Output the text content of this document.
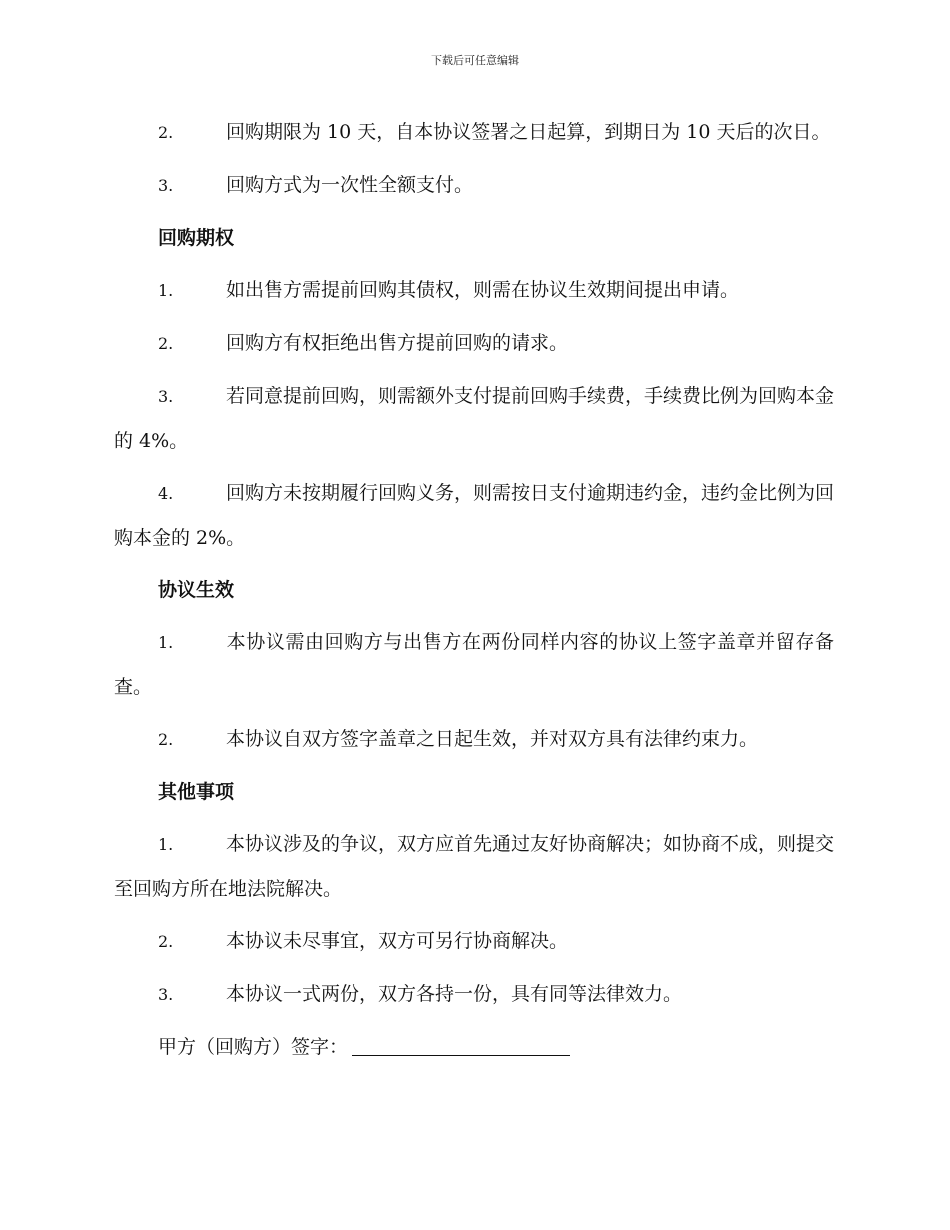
下载后可任意编辑

2.	回购期限为 10 天，自本协议签署之日起算，到期日为 10 天后的次日。

3.	回购方式为一次性全额支付。

回购期权

1.	如出售方需提前回购其债权，则需在协议生效期间提出申请。

2.	回购方有权拒绝出售方提前回购的请求。

3.	若同意提前回购，则需额外支付提前回购手续费，手续费比例为回购本金的 4%。

4.	回购方未按期履行回购义务，则需按日支付逾期违约金，违约金比例为回购本金的 2%。

协议生效

1.	本协议需由回购方与出售方在两份同样内容的协议上签字盖章并留存备查。

2.	本协议自双方签字盖章之日起生效，并对双方具有法律约束力。

其他事项

1.	本协议涉及的争议，双方应首先通过友好协商解决；如协商不成，则提交至回购方所在地法院解决。

2.	本协议未尽事宜，双方可另行协商解决。

3.	本协议一式两份，双方各持一份，具有同等法律效力。

甲方（回购方）签字：
